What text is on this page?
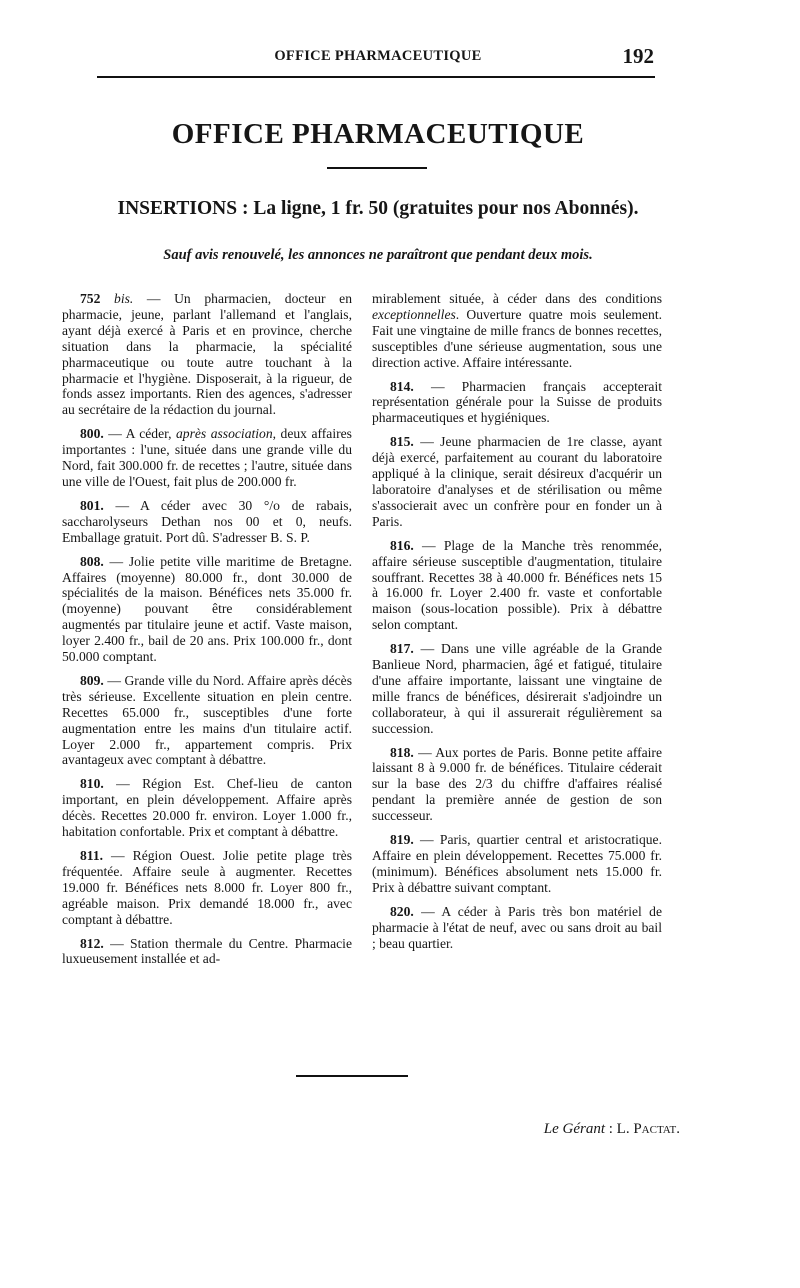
OFFICE PHARMACEUTIQUE	192
OFFICE PHARMACEUTIQUE
INSERTIONS : La ligne, 1 fr. 50 (gratuites pour nos Abonnés).
Sauf avis renouvelé, les annonces ne paraîtront que pendant deux mois.

752 bis. — Un pharmacien, docteur en pharmacie, jeune, parlant l'allemand et l'anglais, ayant déjà exercé à Paris et en province, cherche situation dans la pharmacie, la spécialité pharmaceutique ou toute autre touchant à la pharmacie et l'hygiène. Disposerait, à la rigueur, de fonds assez importants. Rien des agences, s'adresser au secrétaire de la rédaction du journal.

800. — A céder, après association, deux affaires importantes : l'une, située dans une grande ville du Nord, fait 300.000 fr. de recettes ; l'autre, située dans une ville de l'Ouest, fait plus de 200.000 fr.

801. — A céder avec 30 °/o de rabais, saccharolyseurs Dethan nos 00 et 0, neufs. Emballage gratuit. Port dû. S'adresser B. S. P.

808. — Jolie petite ville maritime de Bretagne. Affaires (moyenne) 80.000 fr., dont 30.000 de spécialités de la maison. Bénéfices nets 35.000 fr. (moyenne) pouvant être considérablement augmentés par titulaire jeune et actif. Vaste maison, loyer 2.400 fr., bail de 20 ans. Prix 100.000 fr., dont 50.000 comptant.

809. — Grande ville du Nord. Affaire après décès très sérieuse. Excellente situation en plein centre. Recettes 65.000 fr., susceptibles d'une forte augmentation entre les mains d'un titulaire actif. Loyer 2.000 fr., appartement compris. Prix avantageux avec comptant à débattre.

810. — Région Est. Chef-lieu de canton important, en plein développement. Affaire après décès. Recettes 20.000 fr. environ. Loyer 1.000 fr., habitation confortable. Prix et comptant à débattre.

811. — Région Ouest. Jolie petite plage très fréquentée. Affaire seule à augmenter. Recettes 19.000 fr. Bénéfices nets 8.000 fr. Loyer 800 fr., agréable maison. Prix demandé 18.000 fr., avec comptant à débattre.

812. — Station thermale du Centre. Pharmacie luxueusement installée et ad-

mirablement située, à céder dans des conditions exceptionnelles. Ouverture quatre mois seulement. Fait une vingtaine de mille francs de bonnes recettes, susceptibles d'une sérieuse augmentation, sous une direction active. Affaire intéressante.

814. — Pharmacien français accepterait représentation générale pour la Suisse de produits pharmaceutiques et hygiéniques.

815. — Jeune pharmacien de 1re classe, ayant déjà exercé, parfaitement au courant du laboratoire appliqué à la clinique, serait désireux d'acquérir un laboratoire d'analyses et de stérilisation ou même s'associerait avec un confrère pour en fonder un à Paris.

816. — Plage de la Manche très renommée, affaire sérieuse susceptible d'augmentation, titulaire souffrant. Recettes 38 à 40.000 fr. Bénéfices nets 15 à 16.000 fr. Loyer 2.400 fr. vaste et confortable maison (sous-location possible). Prix à débattre selon comptant.

817. — Dans une ville agréable de la Grande Banlieue Nord, pharmacien, âgé et fatigué, titulaire d'une affaire importante, laissant une vingtaine de mille francs de bénéfices, désirerait s'adjoindre un collaborateur, à qui il assurerait régulièrement sa succession.

818. — Aux portes de Paris. Bonne petite affaire laissant 8 à 9.000 fr. de bénéfices. Titulaire céderait sur la base des 2/3 du chiffre d'affaires réalisé pendant la première année de gestion de son successeur.

819. — Paris, quartier central et aristocratique. Affaire en plein développement. Recettes 75.000 fr. (minimum). Bénéfices absolument nets 15.000 fr. Prix à débattre suivant comptant.

820. — A céder à Paris très bon matériel de pharmacie à l'état de neuf, avec ou sans droit au bail ; beau quartier.

Le Gérant : L. Pactat.
